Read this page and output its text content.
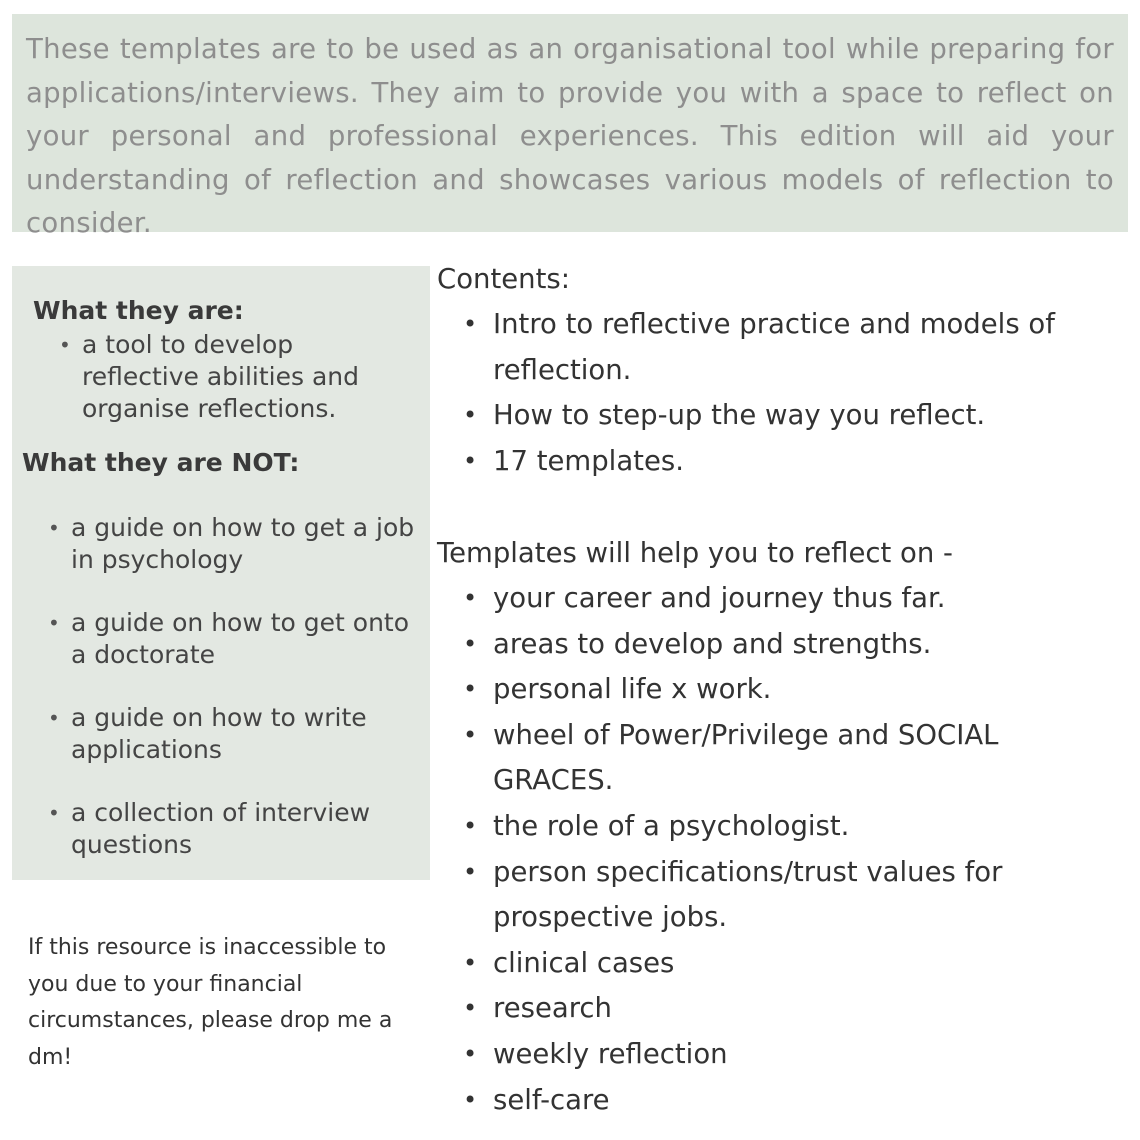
These templates are to be used as an organisational tool while preparing for applications/interviews. They aim to provide you with a space to reflect on your personal and professional experiences. This edition will aid your understanding of reflection and showcases various models of reflection to consider.
What they are:
• a tool to develop reflective abilities and organise reflections.
What they are NOT:
• a guide on how to get a job in psychology
• a guide on how to get onto a doctorate
• a guide on how to write applications
• a collection of interview questions
If this resource is inaccessible to you due to your financial circumstances, please drop me a dm!
Contents:
• Intro to reflective practice and models of reflection.
• How to step-up the way you reflect.
• 17 templates.
Templates will help you to reflect on -
• your career and journey thus far.
• areas to develop and strengths.
• personal life x work.
• wheel of Power/Privilege and SOCIAL GRACES.
• the role of a psychologist.
• person specifications/trust values for prospective jobs.
• clinical cases
• research
• weekly reflection
• self-care
